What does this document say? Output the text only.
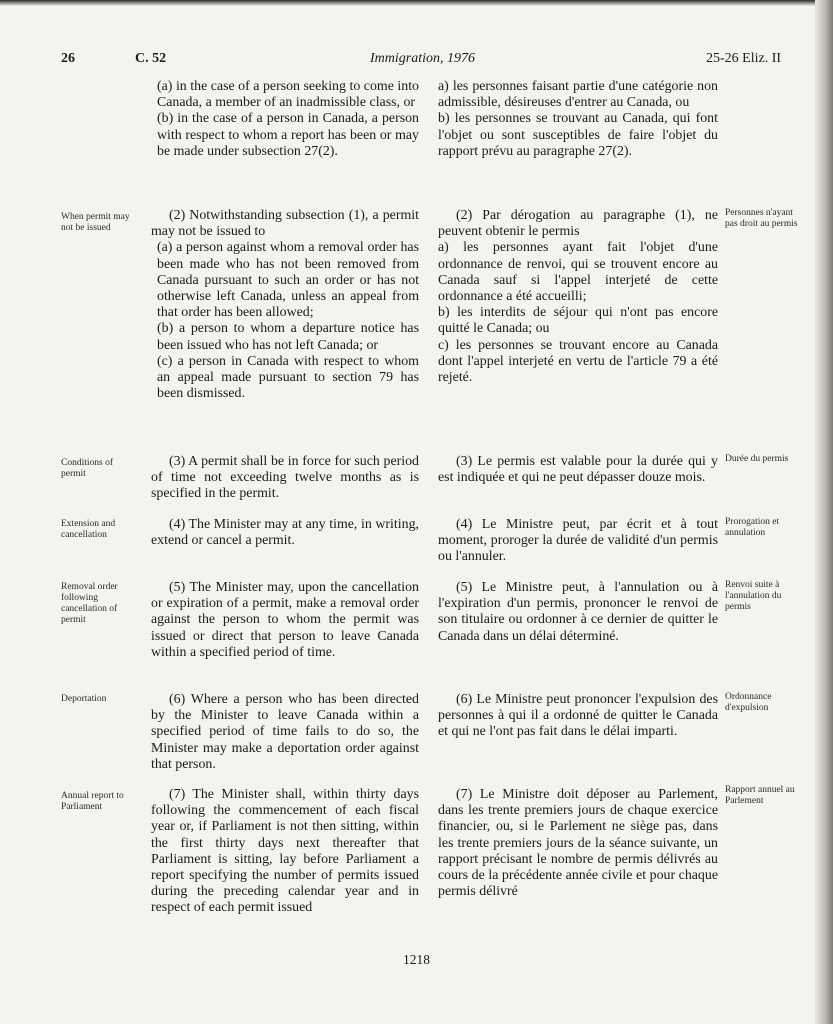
26	C. 52	Immigration, 1976	25-26 Eliz. II

(a) in the case of a person seeking to come into Canada, a member of an inadmissible class, or

(b) in the case of a person in Canada, a person with respect to whom a report has been or may be made under subsection 27(2).

a) les personnes faisant partie d'une catégorie non admissible, désireuses d'entrer au Canada, ou

b) les personnes se trouvant au Canada, qui font l'objet ou sont susceptibles de faire l'objet du rapport prévu au paragraphe 27(2).

When permit may not be issued

(2) Notwithstanding subsection (1), a permit may not be issued to

(a) a person against whom a removal order has been made who has not been removed from Canada pursuant to such an order or has not otherwise left Canada, unless an appeal from that order has been allowed;

(b) a person to whom a departure notice has been issued who has not left Canada; or

(c) a person in Canada with respect to whom an appeal made pursuant to section 79 has been dismissed.

(2) Par dérogation au paragraphe (1), ne peuvent obtenir le permis

a) les personnes ayant fait l'objet d'une ordonnance de renvoi, qui se trouvent encore au Canada sauf si l'appel interjeté de cette ordonnance a été accueilli;

b) les interdits de séjour qui n'ont pas encore quitté le Canada; ou

c) les personnes se trouvant encore au Canada dont l'appel interjeté en vertu de l'article 79 a été rejeté.

Personnes n'ayant pas droit au permis
Conditions of permit

(3) A permit shall be in force for such period of time not exceeding twelve months as is specified in the permit.

(3) Le permis est valable pour la durée qui y est indiquée et qui ne peut dépasser douze mois.

Durée du permis
Extension and cancellation

(4) The Minister may at any time, in writing, extend or cancel a permit.

(4) Le Ministre peut, par écrit et à tout moment, proroger la durée de validité d'un permis ou l'annuler.

Prorogation et annulation
Removal order following cancellation of permit

(5) The Minister may, upon the cancellation or expiration of a permit, make a removal order against the person to whom the permit was issued or direct that person to leave Canada within a specified period of time.

(5) Le Ministre peut, à l'annulation ou à l'expiration d'un permis, prononcer le renvoi de son titulaire ou ordonner à ce dernier de quitter le Canada dans un délai déterminé.

Renvoi suite à l'annulation du permis
Deportation	(6) Where a person who has been directed by the Minister to leave Canada within a specified period of time fails to do so, the Minister may make a deportation order against that person.

(6) Le Ministre peut prononcer l'expulsion des personnes à qui il a ordonné de quitter le Canada et qui ne l'ont pas fait dans le délai imparti.

Ordonnance d'expulsion
Annual report to Parliament

(7) The Minister shall, within thirty days following the commencement of each fiscal year or, if Parliament is not then sitting, within the first thirty days next thereafter that Parliament is sitting, lay before Parliament a report specifying the number of permits issued during the preceding calendar year and in respect of each permit issued

(7) Le Ministre doit déposer au Parlement, dans les trente premiers jours de chaque exercice financier, ou, si le Parlement ne siège pas, dans les trente premiers jours de la séance suivante, un rapport précisant le nombre de permis délivrés au cours de la précédente année civile et pour chaque permis délivré

Rapport annuel au Parlement
1218
